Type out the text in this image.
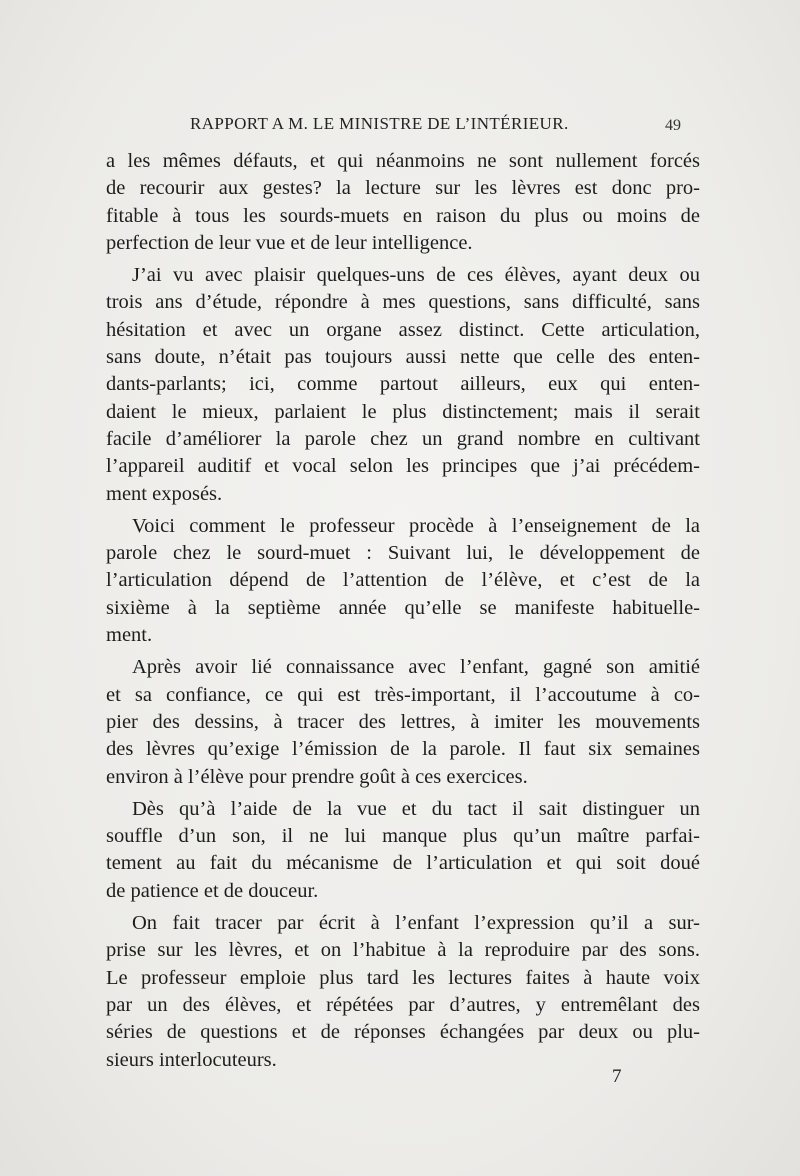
RAPPORT A M. LE MINISTRE DE L’INTÉRIEUR.	49
a les mêmes défauts, et qui néanmoins ne sont nullement forcés
de recourir aux gestes? la lecture sur les lèvres est donc pro-
fitable à tous les sourds-muets en raison du plus ou moins de
perfection de leur vue et de leur intelligence.
J’ai vu avec plaisir quelques-uns de ces élèves, ayant deux ou
trois ans d’étude, répondre à mes questions, sans difficulté, sans
hésitation et avec un organe assez distinct. Cette articulation,
sans doute, n’était pas toujours aussi nette que celle des enten-
dants-parlants; ici, comme partout ailleurs, eux qui enten-
daient le mieux, parlaient le plus distinctement; mais il serait
facile d’améliorer la parole chez un grand nombre en cultivant
l’appareil auditif et vocal selon les principes que j’ai précédem-
ment exposés.
Voici comment le professeur procède à l’enseignement de la
parole chez le sourd-muet : Suivant lui, le développement de
l’articulation dépend de l’attention de l’élève, et c’est de la
sixième à la septième année qu’elle se manifeste habituelle-
ment.
Après avoir lié connaissance avec l’enfant, gagné son amitié
et sa confiance, ce qui est très-important, il l’accoutume à co-
pier des dessins, à tracer des lettres, à imiter les mouvements
des lèvres qu’exige l’émission de la parole. Il faut six semaines
environ à l’élève pour prendre goût à ces exercices.
Dès qu’à l’aide de la vue et du tact il sait distinguer un
souffle d’un son, il ne lui manque plus qu’un maître parfai-
tement au fait du mécanisme de l’articulation et qui soit doué
de patience et de douceur.
On fait tracer par écrit à l’enfant l’expression qu’il a sur-
prise sur les lèvres, et on l’habitue à la reproduire par des sons.
Le professeur emploie plus tard les lectures faites à haute voix
par un des élèves, et répétées par d’autres, y entremêlant des
séries de questions et de réponses échangées par deux ou plu-
sieurs interlocuteurs.
7
